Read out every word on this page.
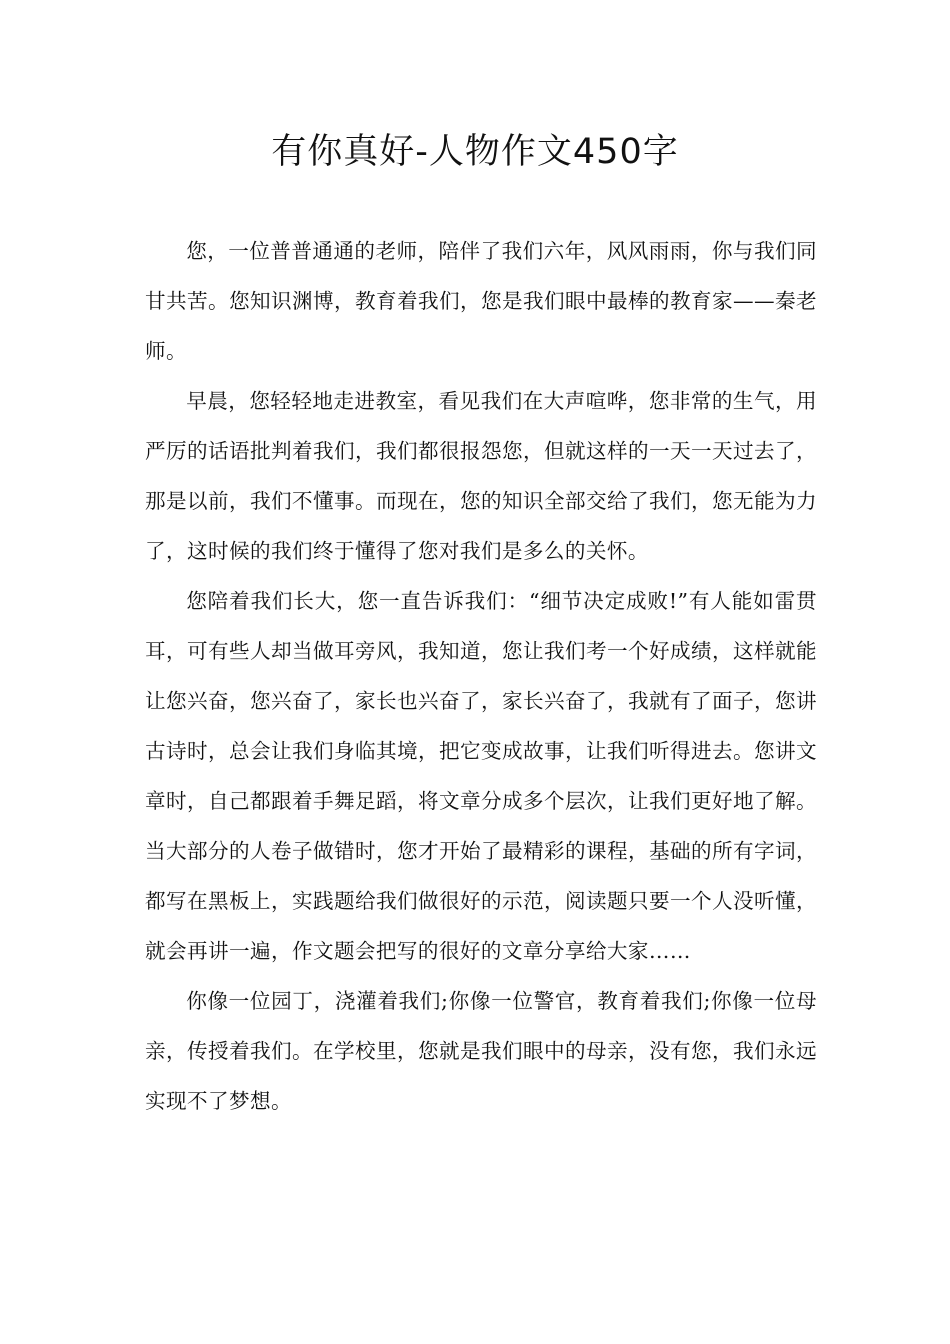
有你真好-人物作文450字

您，一位普普通通的老师，陪伴了我们六年，风风雨雨，你与我们同甘共苦。您知识渊博，教育着我们，您是我们眼中最棒的教育家——秦老师。

早晨，您轻轻地走进教室，看见我们在大声喧哗，您非常的生气，用严厉的话语批判着我们，我们都很报怨您，但就这样的一天一天过去了，那是以前，我们不懂事。而现在，您的知识全部交给了我们，您无能为力了，这时候的我们终于懂得了您对我们是多么的关怀。

您陪着我们长大，您一直告诉我们：“细节决定成败!”有人能如雷贯耳，可有些人却当做耳旁风，我知道，您让我们考一个好成绩，这样就能让您兴奋，您兴奋了，家长也兴奋了，家长兴奋了，我就有了面子，您讲古诗时，总会让我们身临其境，把它变成故事，让我们听得进去。您讲文章时，自己都跟着手舞足蹈，将文章分成多个层次，让我们更好地了解。当大部分的人卷子做错时，您才开始了最精彩的课程，基础的所有字词，都写在黑板上，实践题给我们做很好的示范，阅读题只要一个人没听懂，就会再讲一遍，作文题会把写的很好的文章分享给大家……

你像一位园丁，浇灌着我们;你像一位警官，教育着我们;你像一位母亲，传授着我们。在学校里，您就是我们眼中的母亲，没有您，我们永远实现不了梦想。
